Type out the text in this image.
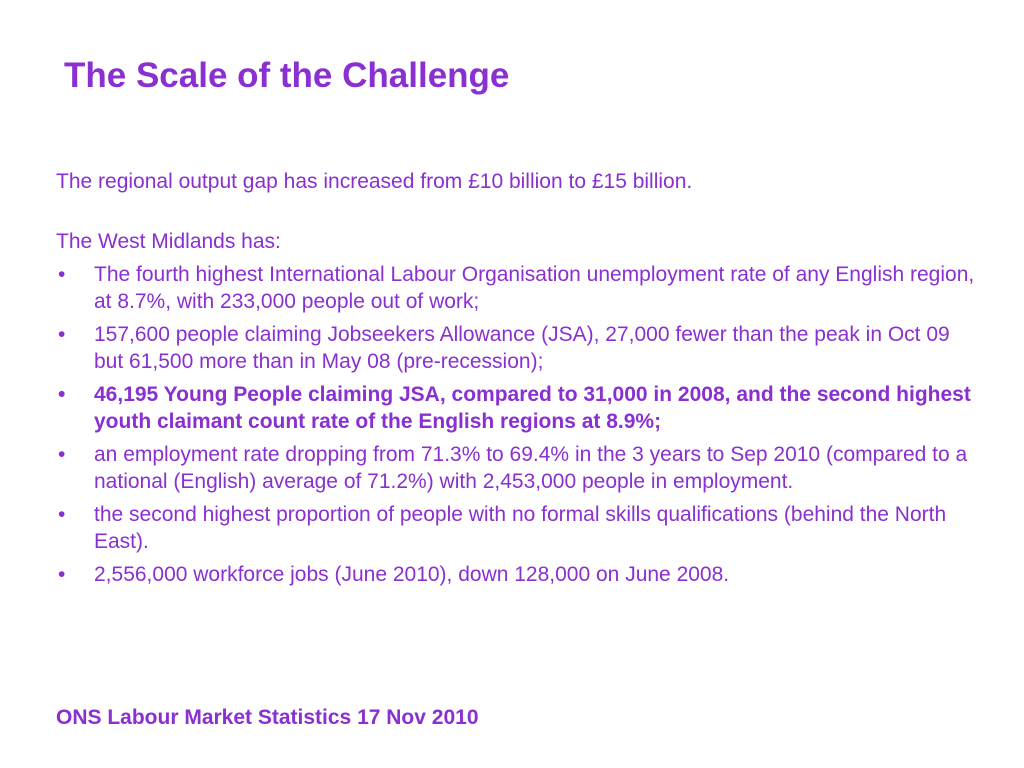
The Scale of the Challenge

The regional output gap has increased from £10 billion to £15 billion.

The West Midlands has:

• The fourth highest International Labour Organisation unemployment rate of any English region, at 8.7%, with 233,000 people out of work;
• 157,600 people claiming Jobseekers Allowance (JSA), 27,000 fewer than the peak in Oct 09 but 61,500 more than in May 08 (pre-recession);
• 46,195 Young People claiming JSA, compared to 31,000 in 2008, and the second highest youth claimant count rate of the English regions at 8.9%;
• an employment rate dropping from 71.3% to 69.4% in the 3 years to Sep 2010 (compared to a national (English) average of 71.2%) with 2,453,000 people in employment.
• the second highest proportion of people with no formal skills qualifications (behind the North East).
• 2,556,000 workforce jobs (June 2010), down 128,000 on June 2008.

ONS Labour Market Statistics 17 Nov 2010
